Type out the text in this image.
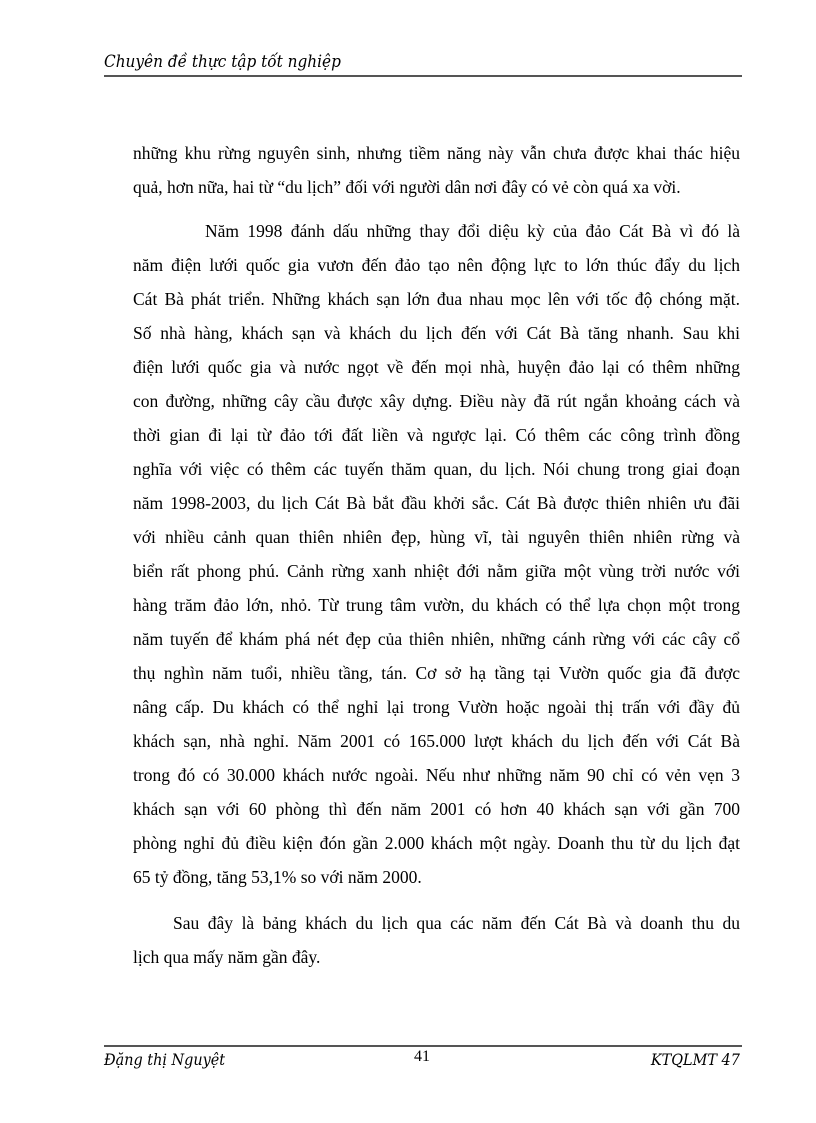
Chuyên đề thực tập tốt nghiệp
những khu rừng nguyên sinh, nhưng tiềm năng này vẫn chưa được khai thác hiệu
quả, hơn nữa, hai từ “du lịch” đối với người dân nơi đây có vẻ còn quá xa vời.
Năm 1998 đánh dấu những thay đổi diệu kỳ của đảo Cát Bà vì đó là
năm điện lưới quốc gia vươn đến đảo tạo nên động lực to lớn thúc đẩy du lịch
Cát Bà phát triển. Những khách sạn lớn đua nhau mọc lên với tốc độ chóng mặt.
Số nhà hàng, khách sạn và khách du lịch đến với Cát Bà tăng nhanh. Sau khi
điện lưới quốc gia và nước ngọt về đến mọi nhà, huyện đảo lại có thêm những
con đường, những cây cầu được xây dựng. Điều này đã rút ngắn khoảng cách và
thời gian đi lại từ đảo tới đất liền và ngược lại. Có thêm các công trình đồng
nghĩa với việc có thêm các tuyến thăm quan, du lịch. Nói chung trong giai đoạn
năm 1998-2003, du lịch Cát Bà bắt đầu khởi sắc. Cát Bà được thiên nhiên ưu đãi
với nhiều cảnh quan thiên nhiên đẹp, hùng vĩ, tài nguyên thiên nhiên rừng và
biển rất phong phú. Cảnh rừng xanh nhiệt đới nằm giữa một vùng trời nước với
hàng trăm đảo lớn, nhỏ. Từ trung tâm vườn, du khách có thể lựa chọn một trong
năm tuyến để khám phá nét đẹp của thiên nhiên, những cánh rừng với các cây cổ
thụ nghìn năm tuổi, nhiều tầng, tán. Cơ sở hạ tầng tại Vườn quốc gia đã được
nâng cấp. Du khách có thể nghỉ lại trong Vườn hoặc ngoài thị trấn với đầy đủ
khách sạn, nhà nghỉ. Năm 2001 có 165.000 lượt khách du lịch đến với Cát Bà
trong đó có 30.000 khách nước ngoài. Nếu như những năm 90 chỉ có vẻn vẹn 3
khách sạn với 60 phòng thì đến năm 2001 có hơn 40 khách sạn với gần 700
phòng nghỉ đủ điều kiện đón gần 2.000 khách một ngày. Doanh thu từ du lịch đạt
65 tỷ đồng, tăng 53,1% so với năm 2000.
Sau đây là bảng khách du lịch qua các năm đến Cát Bà và doanh thu du
lịch qua mấy năm gần đây.
Đặng thị Nguyệt	41	KTQLMT 47
